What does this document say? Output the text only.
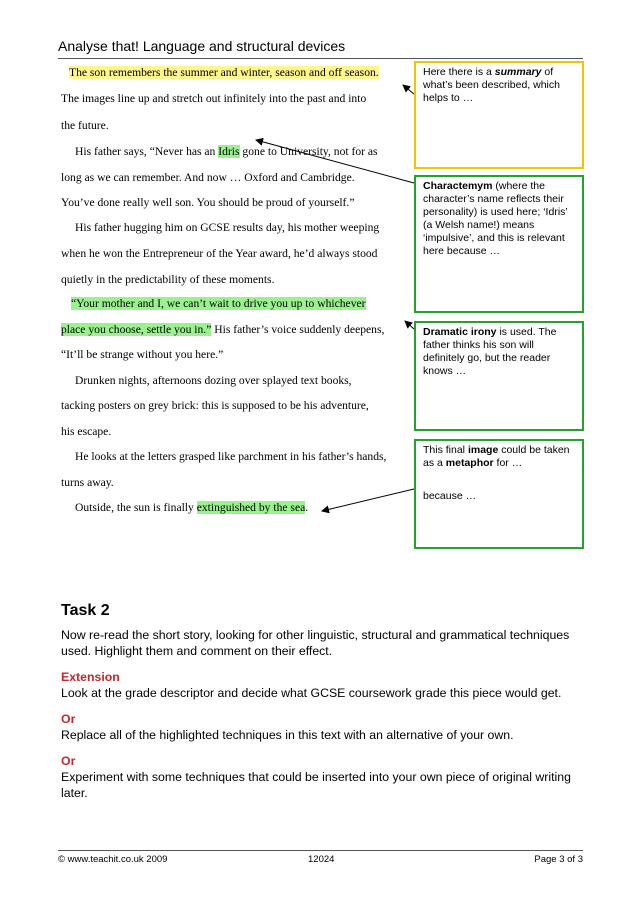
Analyse that! Language and structural devices
The son remembers the summer and winter, season and off season.
The images line up and stretch out infinitely into the past and into
the future.
His father says, “Never has an Idris gone to University, not for as
long as we can remember. And now … Oxford and Cambridge.
You’ve done really well son. You should be proud of yourself.”
His father hugging him on GCSE results day, his mother weeping
when he won the Entrepreneur of the Year award, he’d always stood
quietly in the predictability of these moments.
“Your mother and I, we can’t wait to drive you up to whichever
place you choose, settle you in.” His father’s voice suddenly deepens,
“It’ll be strange without you here.”
Drunken nights, afternoons dozing over splayed text books,
tacking posters on grey brick: this is supposed to be his adventure,
his escape.
He looks at the letters grasped like parchment in his father’s hands,
turns away.
Outside, the sun is finally extinguished by the sea.

Here there is a summary of what’s been described, which helps to …

Charactemym (where the character’s name reflects their personality) is used here; ‘Idris’ (a Welsh name!) means ‘impulsive’, and this is relevant here because …

Dramatic irony is used. The father thinks his son will definitely go, but the reader knows …

This final image could be taken as a metaphor for …

because …

Task 2

Now re-read the short story, looking for other linguistic, structural and grammatical techniques used. Highlight them and comment on their effect.

Extension
Look at the grade descriptor and decide what GCSE coursework grade this piece would get.

Or
Replace all of the highlighted techniques in this text with an alternative of your own.

Or
Experiment with some techniques that could be inserted into your own piece of original writing later.

© www.teachit.co.uk 2009	12024	Page 3 of 3
